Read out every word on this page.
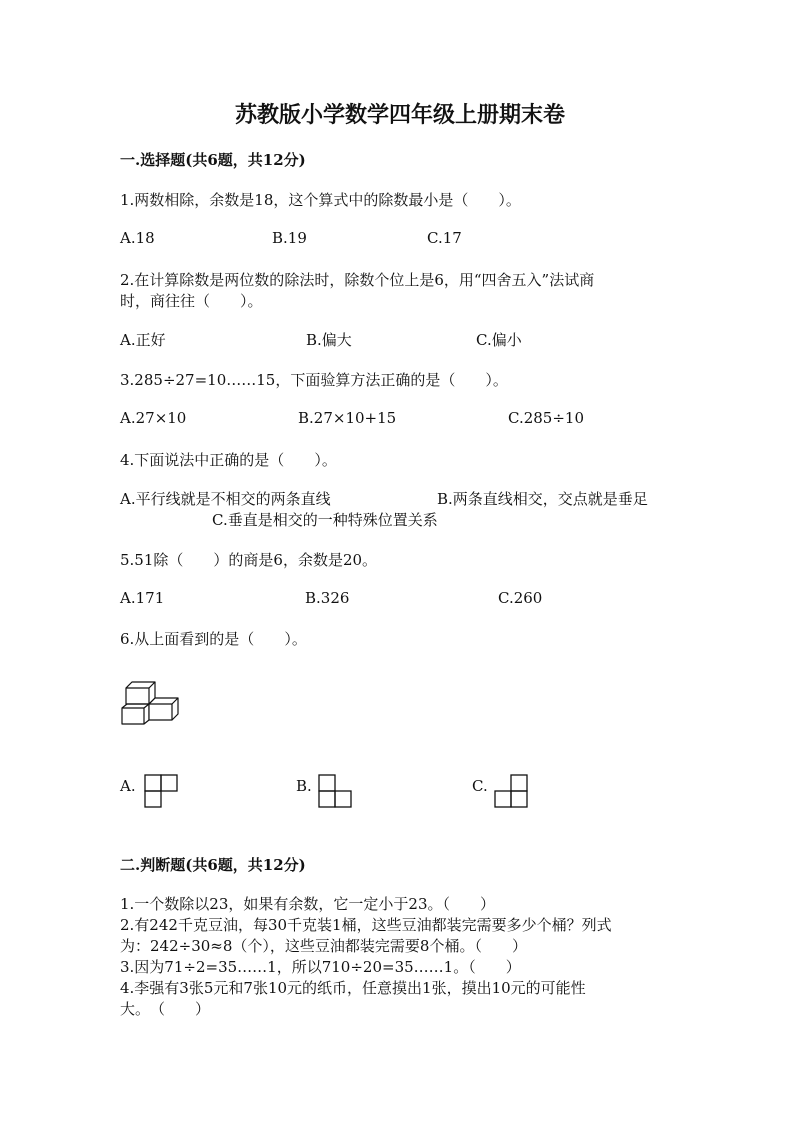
苏教版小学数学四年级上册期末卷
一.选择题(共6题，共12分)
1.两数相除，余数是18，这个算式中的除数最小是（　　）。
A.18	B.19	C.17
2.在计算除数是两位数的除法时，除数个位上是6，用“四舍五入”法试商
时，商往往（　　）。
A.正好	B.偏大	C.偏小
3.285÷27=10……15，下面验算方法正确的是（　　）。
A.27×10	B.27×10+15	C.285÷10
4.下面说法中正确的是（　　）。
A.平行线就是不相交的两条直线	B.两条直线相交，交点就是垂足
C.垂直是相交的一种特殊位置关系
5.51除（　　）的商是6，余数是20。
A.171	B.326	C.260
6.从上面看到的是（　　）。
A.	B.	C.
二.判断题(共6题，共12分)
1.一个数除以23，如果有余数，它一定小于23。（　　）
2.有242千克豆油，每30千克装1桶，这些豆油都装完需要多少个桶？列式
为：242÷30≈8（个），这些豆油都装完需要8个桶。（　　）
3.因为71÷2=35……1，所以710÷20=35……1。（　　）
4.李强有3张5元和7张10元的纸币，任意摸出1张，摸出10元的可能性
大。　（　　）
